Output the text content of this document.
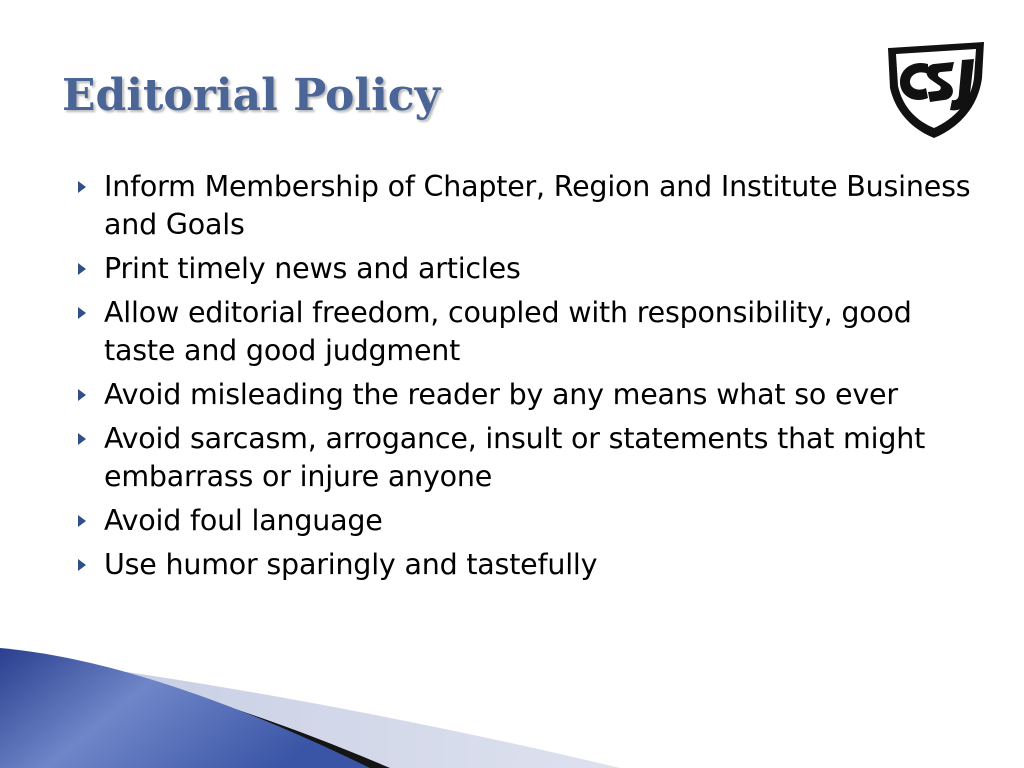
Editorial Policy
Inform Membership of Chapter, Region and Institute Business and Goals
Print timely news and articles
Allow editorial freedom, coupled with responsibility, good taste and good judgment
Avoid misleading the reader by any means what so ever
Avoid sarcasm, arrogance, insult or statements that might embarrass or injure anyone
Avoid foul language
Use humor sparingly and tastefully
